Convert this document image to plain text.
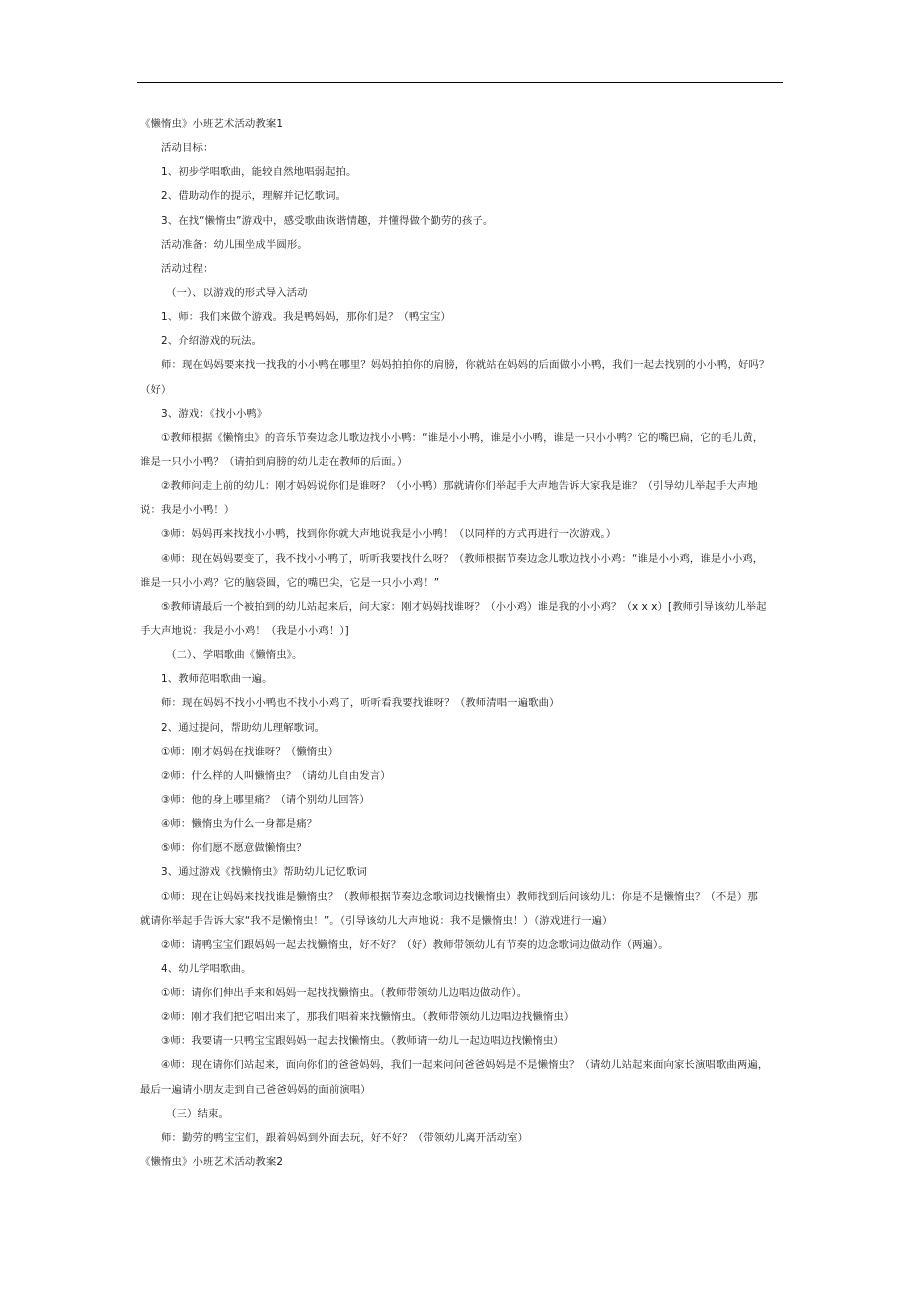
《懒惰虫》小班艺术活动教案1
活动目标：
1、初步学唱歌曲，能较自然地唱弱起拍。
2、借助动作的提示，理解并记忆歌词。
3、在找“懒惰虫”游戏中，感受歌曲诙谐情趣，并懂得做个勤劳的孩子。
活动准备：幼儿围坐成半圆形。
活动过程：
（一）、以游戏的形式导入活动
1、师：我们来做个游戏。我是鸭妈妈，那你们是？（鸭宝宝）
2、介绍游戏的玩法。
师：现在妈妈要来找一找我的小小鸭在哪里？妈妈拍拍你的肩膀，你就站在妈妈的后面做小小鸭，我们一起去找别的小小鸭，好吗？
（好）
3、游戏：《找小小鸭》
①教师根据《懒惰虫》的音乐节奏边念儿歌边找小小鸭：“谁是小小鸭，谁是小小鸭，谁是一只小小鸭？它的嘴巴扁，它的毛儿黄，
谁是一只小小鸭？（请拍到肩膀的幼儿走在教师的后面。）
②教师问走上前的幼儿：刚才妈妈说你们是谁呀？（小小鸭）那就请你们举起手大声地告诉大家我是谁？（引导幼儿举起手大声地
说：我是小小鸭！）
③师：妈妈再来找找小小鸭，找到你你就大声地说我是小小鸭！（以同样的方式再进行一次游戏。）
④师：现在妈妈要变了，我不找小小鸭了，听听我要找什么呀？（教师根据节奏边念儿歌边找小小鸡：“谁是小小鸡，谁是小小鸡，
谁是一只小小鸡？它的脑袋圆，它的嘴巴尖，它是一只小小鸡！”
⑤教师请最后一个被拍到的幼儿站起来后，问大家：刚才妈妈找谁呀？（小小鸡）谁是我的小小鸡？（x x x）[教师引导该幼儿举起
手大声地说：我是小小鸡！（我是小小鸡！）]
（二）、学唱歌曲《懒惰虫》。
1、教师范唱歌曲一遍。
师：现在妈妈不找小小鸭也不找小小鸡了，听听看我要找谁呀？（教师清唱一遍歌曲）
2、通过提问，帮助幼儿理解歌词。
①师：刚才妈妈在找谁呀？（懒惰虫）
②师：什么样的人叫懒惰虫？（请幼儿自由发言）
③师：他的身上哪里痛？（请个别幼儿回答）
④师：懒惰虫为什么一身都是痛？
⑤师：你们愿不愿意做懒惰虫？
3、通过游戏《找懒惰虫》帮助幼儿记忆歌词
①师：现在让妈妈来找找谁是懒惰虫？（教师根据节奏边念歌词边找懒惰虫）教师找到后问该幼儿：你是不是懒惰虫？（不是）那
就请你举起手告诉大家“我不是懒惰虫！”。（引导该幼儿大声地说：我不是懒惰虫！）（游戏进行一遍）
②师：请鸭宝宝们跟妈妈一起去找懒惰虫，好不好？（好）教师带领幼儿有节奏的边念歌词边做动作（两遍）。
4、幼儿学唱歌曲。
①师：请你们伸出手来和妈妈一起找找懒惰虫。（教师带领幼儿边唱边做动作）。
②师：刚才我们把它唱出来了，那我们唱着来找懒惰虫。（教师带领幼儿边唱边找懒惰虫）
③师：我要请一只鸭宝宝跟妈妈一起去找懒惰虫。（教师请一幼儿一起边唱边找懒惰虫）
④师：现在请你们站起来，面向你们的爸爸妈妈，我们一起来问问爸爸妈妈是不是懒惰虫？（请幼儿站起来面向家长演唱歌曲两遍，
最后一遍请小朋友走到自己爸爸妈妈的面前演唱）
（三）结束。
师：勤劳的鸭宝宝们，跟着妈妈到外面去玩，好不好？（带领幼儿离开活动室）
《懒惰虫》小班艺术活动教案2
